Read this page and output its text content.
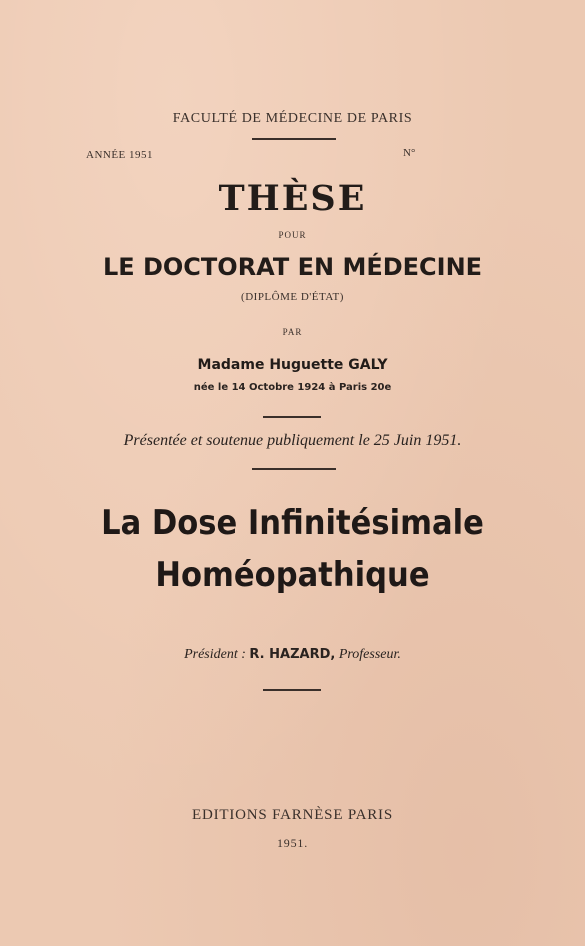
FACULTÉ DE MÉDECINE DE PARIS
ANNÉE 1951	N°
THÈSE
POUR
LE DOCTORAT EN MÉDECINE
(DIPLÔME D'ÉTAT)
PAR
Madame Huguette GALY
née le 14 Octobre 1924 à Paris 20e
Présentée et soutenue publiquement le 25 Juin 1951.
La Dose Infinitésimale
Homéopathique
Président : R. HAZARD, Professeur.
EDITIONS FARNÈSE PARIS
1951.
